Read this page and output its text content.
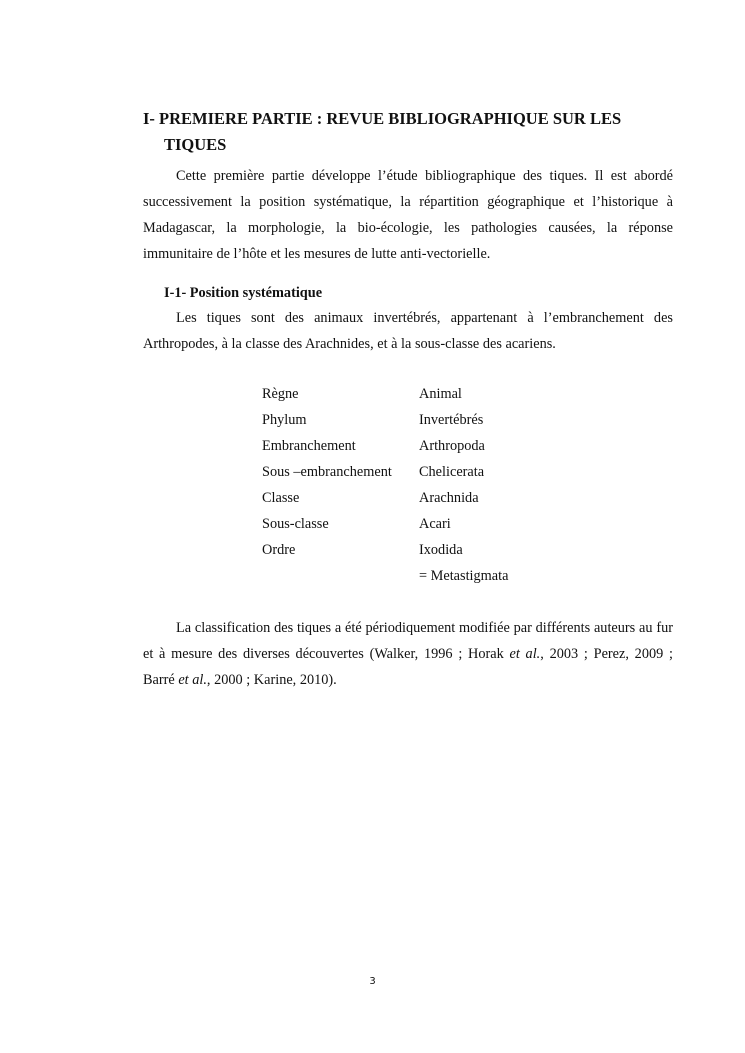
I- PREMIERE PARTIE : REVUE BIBLIOGRAPHIQUE SUR LES
TIQUES

Cette première partie développe l’étude bibliographique des tiques. Il est abordé successivement la position systématique, la répartition géographique et l’historique à Madagascar, la morphologie, la bio-écologie, les pathologies causées, la réponse immunitaire de l’hôte et les mesures de lutte anti-vectorielle.

I-1- Position systématique

Les tiques sont des animaux invertébrés, appartenant à l’embranchement des Arthropodes, à la classe des Arachnides, et à la sous-classe des acariens.

Règne	Animal
Phylum	Invertébrés
Embranchement	Arthropoda
Sous –embranchement	Chelicerata
Classe	Arachnida
Sous-classe	Acari
Ordre	Ixodida
	= Metastigmata

La classification des tiques a été périodiquement modifiée par différents auteurs au fur et à mesure des diverses découvertes (Walker, 1996 ; Horak et al., 2003 ; Perez, 2009 ; Barré et al., 2000 ; Karine, 2010).

3
